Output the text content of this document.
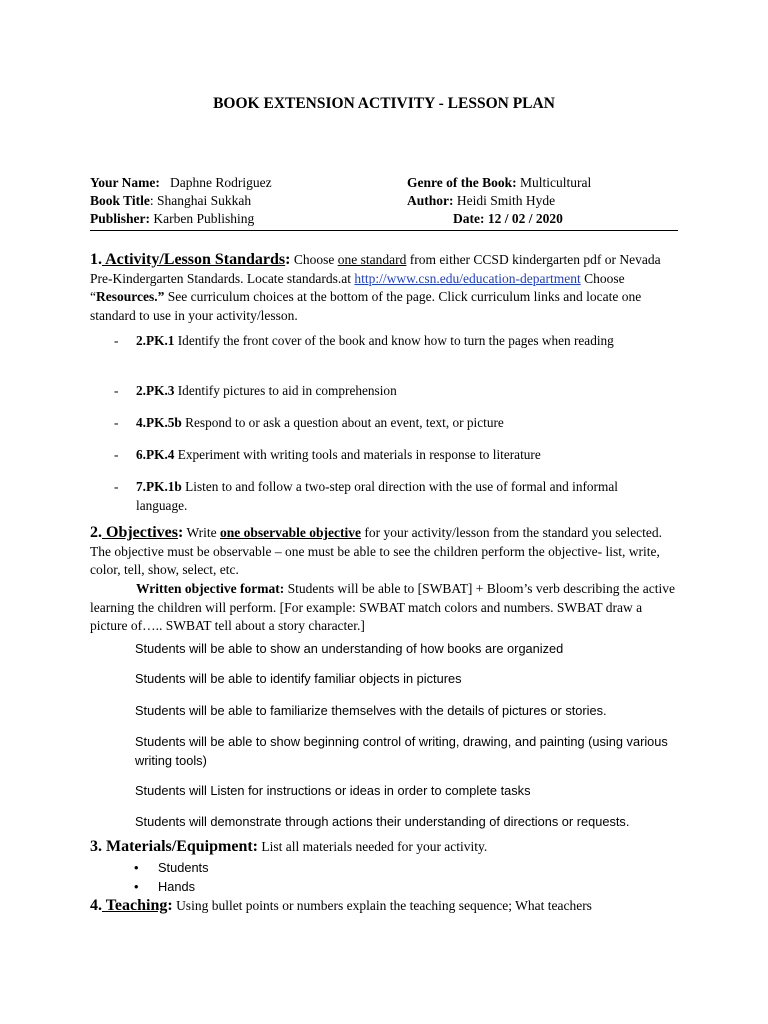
BOOK EXTENSION ACTIVITY - LESSON PLAN
Your Name: Daphne Rodriguez
Book Title: Shanghai Sukkah
Publisher: Karben Publishing
Genre of the Book: Multicultural
Author: Heidi Smith Hyde
Date: 12 / 02 / 2020
1. Activity/Lesson Standards: Choose one standard from either CCSD kindergarten pdf or Nevada Pre-Kindergarten Standards. Locate standards.at http://www.csn.edu/education-department Choose “Resources.” See curriculum choices at the bottom of the page. Click curriculum links and locate one standard to use in your activity/lesson.
- 2.PK.1 Identify the front cover of the book and know how to turn the pages when reading
- 2.PK.3 Identify pictures to aid in comprehension
- 4.PK.5b Respond to or ask a question about an event, text, or picture
- 6.PK.4 Experiment with writing tools and materials in response to literature
- 7.PK.1b Listen to and follow a two-step oral direction with the use of formal and informal language.
2. Objectives: Write one observable objective for your activity/lesson from the standard you selected. The objective must be observable – one must be able to see the children perform the objective- list, write, color, tell, show, select, etc.
Written objective format: Students will be able to [SWBAT] + Bloom’s verb describing the active learning the children will perform. [For example: SWBAT match colors and numbers. SWBAT draw a picture of….. SWBAT tell about a story character.]
Students will be able to show an understanding of how books are organized
Students will be able to identify familiar objects in pictures
Students will be able to familiarize themselves with the details of pictures or stories.
Students will be able to show beginning control of writing, drawing, and painting (using various writing tools)
Students will Listen for instructions or ideas in order to complete tasks
Students will demonstrate through actions their understanding of directions or requests.
3. Materials/Equipment: List all materials needed for your activity.
• Students
• Hands
4. Teaching: Using bullet points or numbers explain the teaching sequence; What teachers
